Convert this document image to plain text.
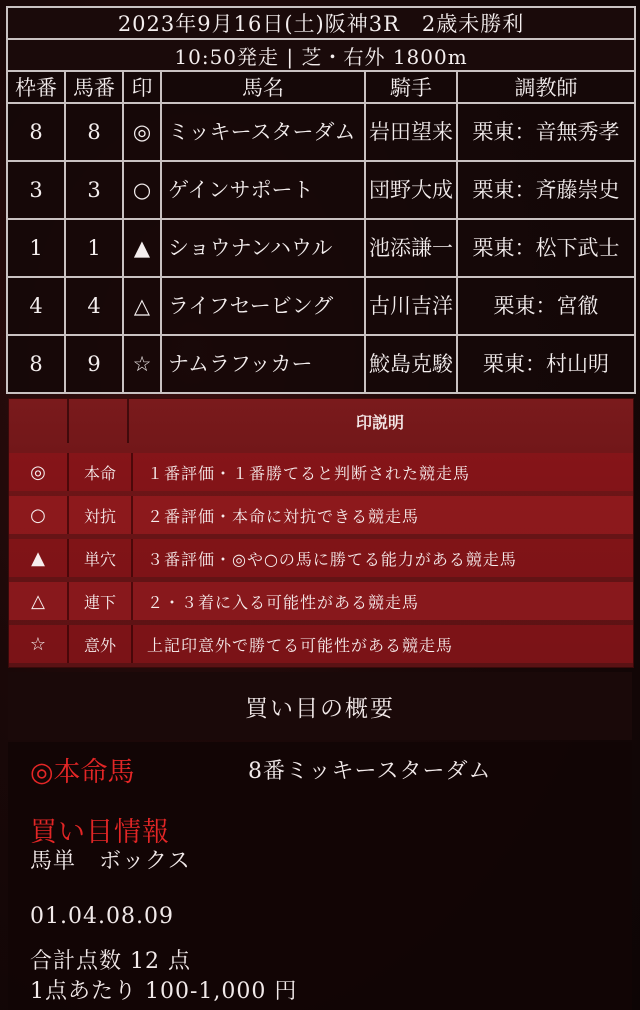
2023年9月16日(土)阪神3R　2歳未勝利					
10:50発走 | 芝・右外 1800m					
枠番	馬番	印	馬名	騎手	調教師
8	8	◎	ミッキースターダム	岩田望来	栗東：音無秀孝
3	3	○	ゲインサポート	団野大成	栗東：斉藤崇史
1	1	▲	ショウナンハウル	池添謙一	栗東：松下武士
4	4	△	ライフセービング	古川吉洋	栗東：宮徹
8	9	☆	ナムラフッカー	鮫島克駿	栗東：村山明
印説明
◎	本命	１番評価・１番勝てると判断された競走馬
○	対抗	２番評価・本命に対抗できる競走馬
▲	単穴	３番評価・◎や○の馬に勝てる能力がある競走馬
△	連下	２・３着に入る可能性がある競走馬
☆	意外	上記印意外で勝てる可能性がある競走馬
買い目の概要
◎本命馬	8番ミッキースターダム
買い目情報
馬単　ボックス
01.04.08.09
合計点数 12 点
1点あたり 100-1,000 円
